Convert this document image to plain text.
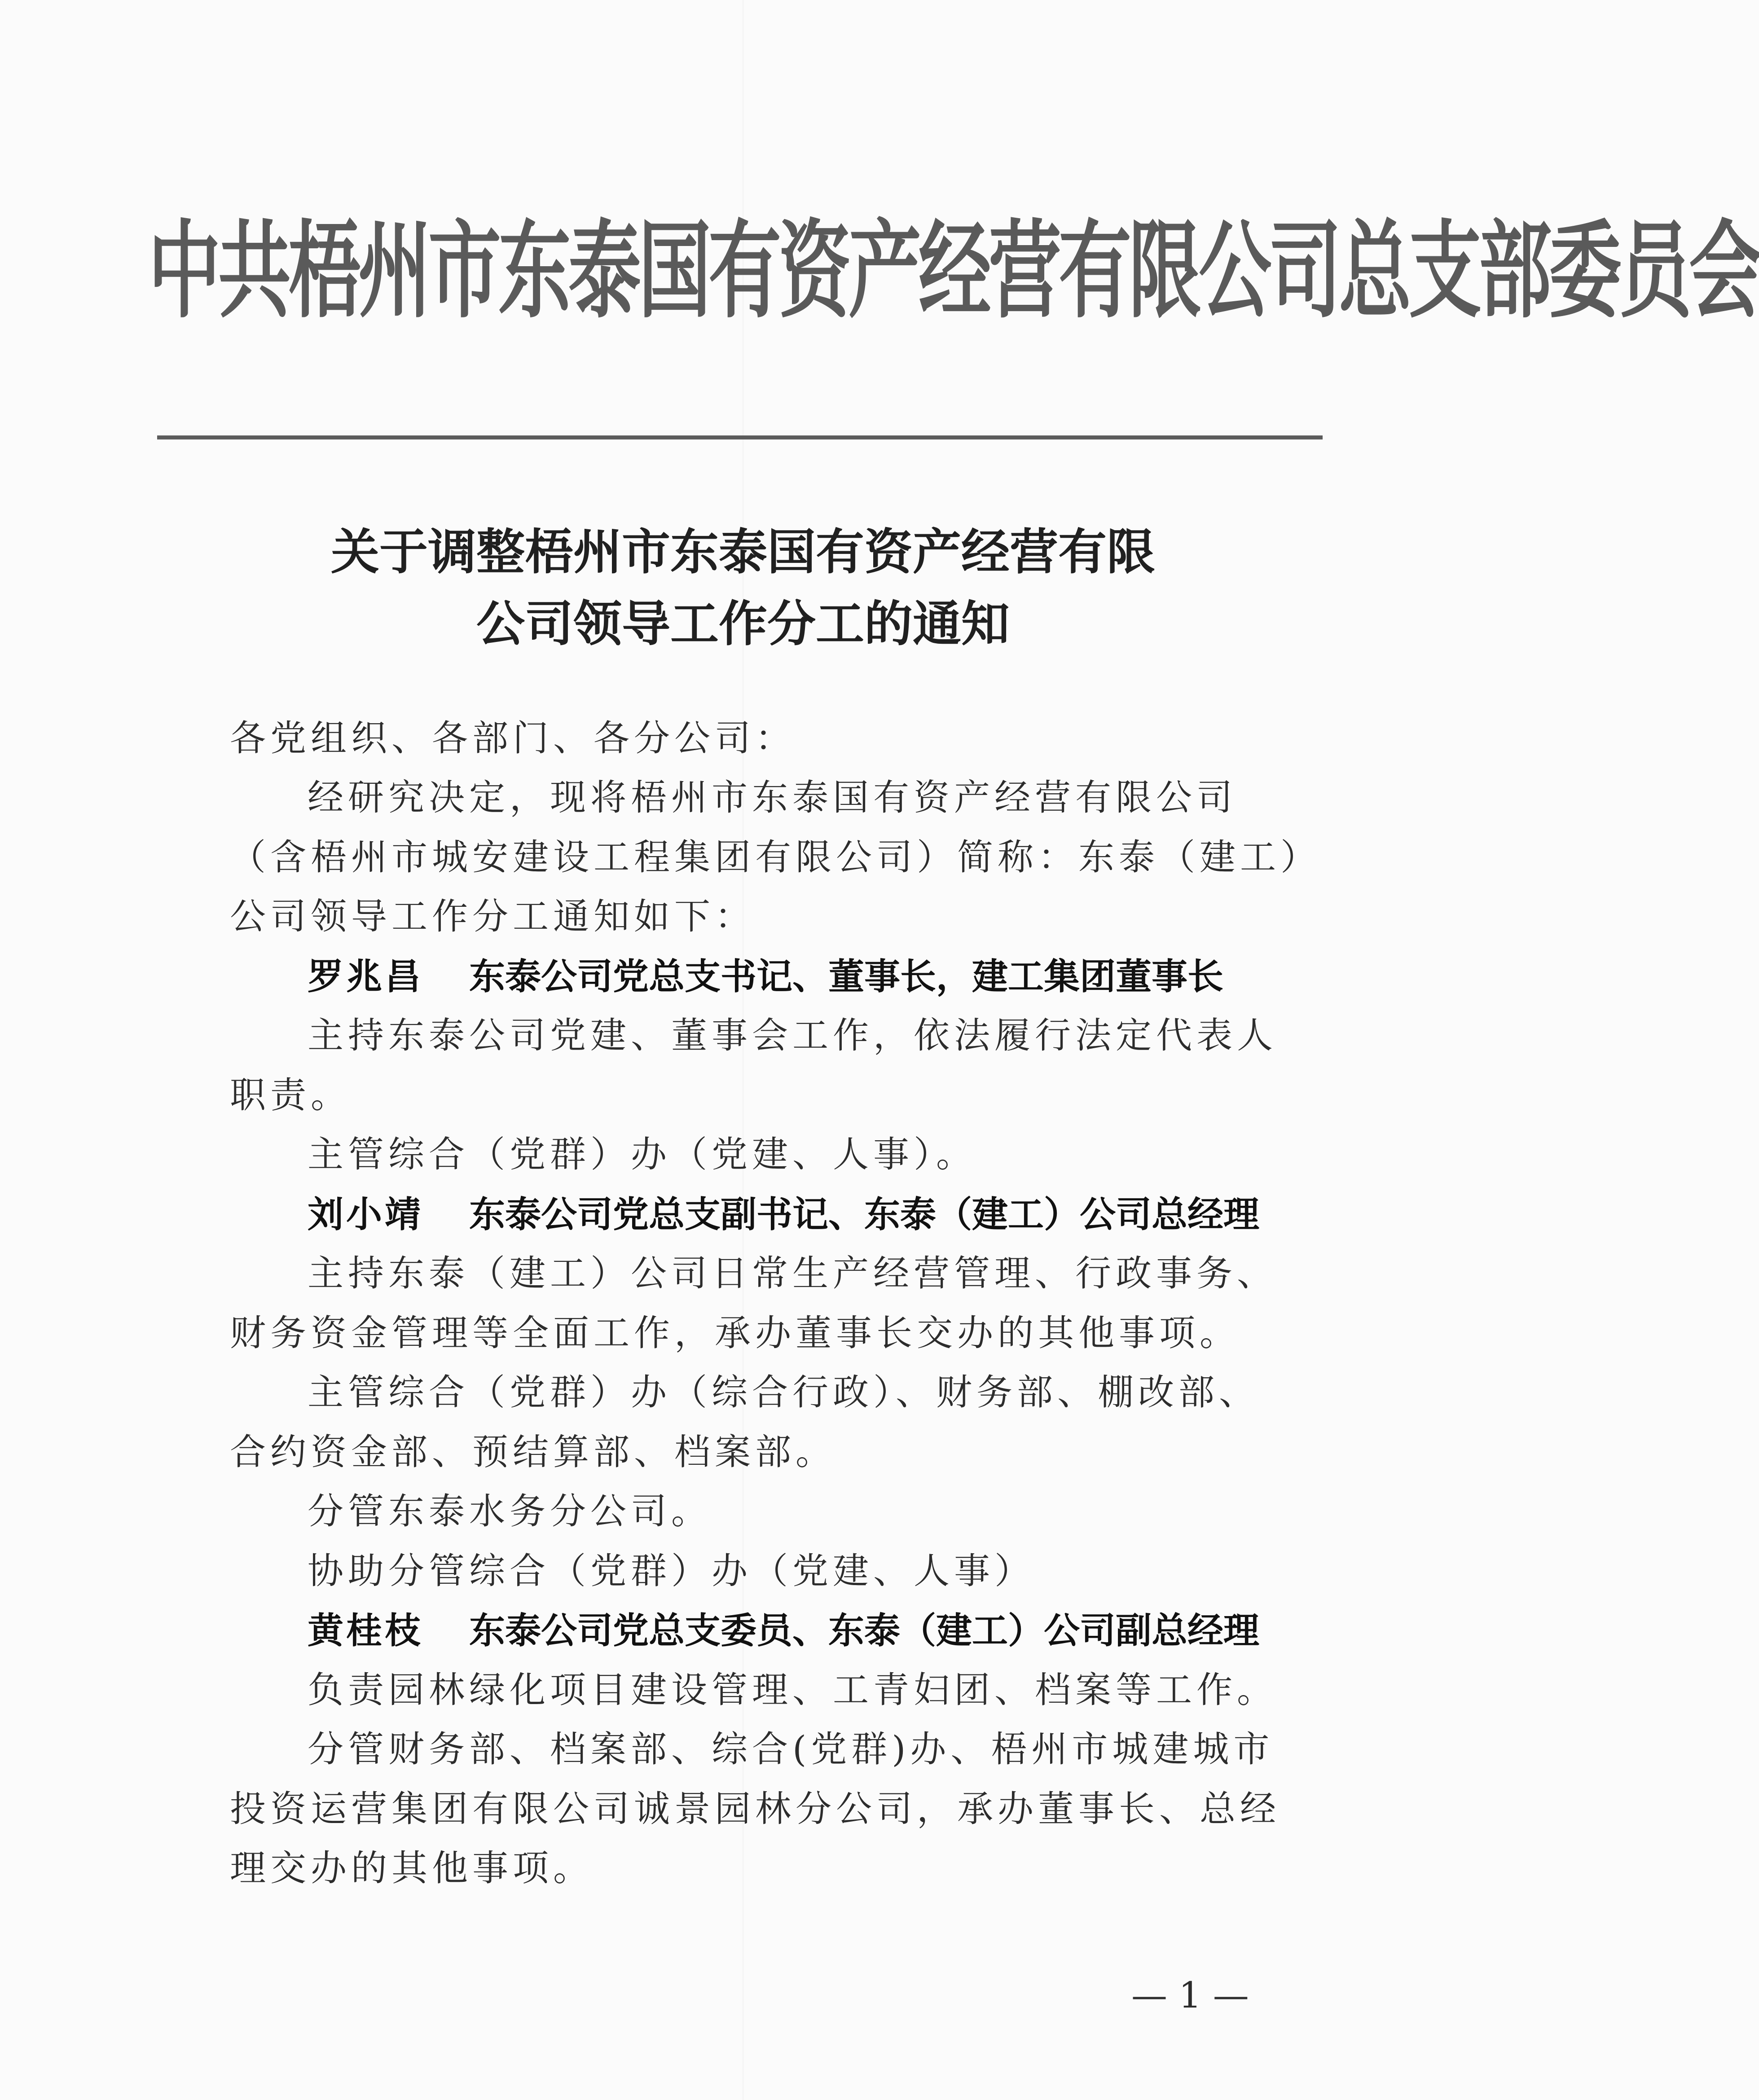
中共梧州市东泰国有资产经营有限公司总支部委员会
关于调整梧州市东泰国有资产经营有限
公司领导工作分工的通知
各党组织、各部门、各分公司：
经研究决定，现将梧州市东泰国有资产经营有限公司
（含梧州市城安建设工程集团有限公司）简称：东泰（建工）
公司领导工作分工通知如下：
罗兆昌 东泰公司党总支书记、董事长，建工集团董事长
主持东泰公司党建、董事会工作，依法履行法定代表人
职责。
主管综合（党群）办（党建、人事）。
刘小靖 东泰公司党总支副书记、东泰（建工）公司总经理
主持东泰（建工）公司日常生产经营管理、行政事务、
财务资金管理等全面工作，承办董事长交办的其他事项。
主管综合（党群）办（综合行政）、财务部、棚改部、
合约资金部、预结算部、档案部。
分管东泰水务分公司。
协助分管综合（党群）办（党建、人事）
黄桂枝 东泰公司党总支委员、东泰（建工）公司副总经理
负责园林绿化项目建设管理、工青妇团、档案等工作。
分管财务部、档案部、综合(党群)办、梧州市城建城市
投资运营集团有限公司诚景园林分公司，承办董事长、总经
理交办的其他事项。
— 1 —
